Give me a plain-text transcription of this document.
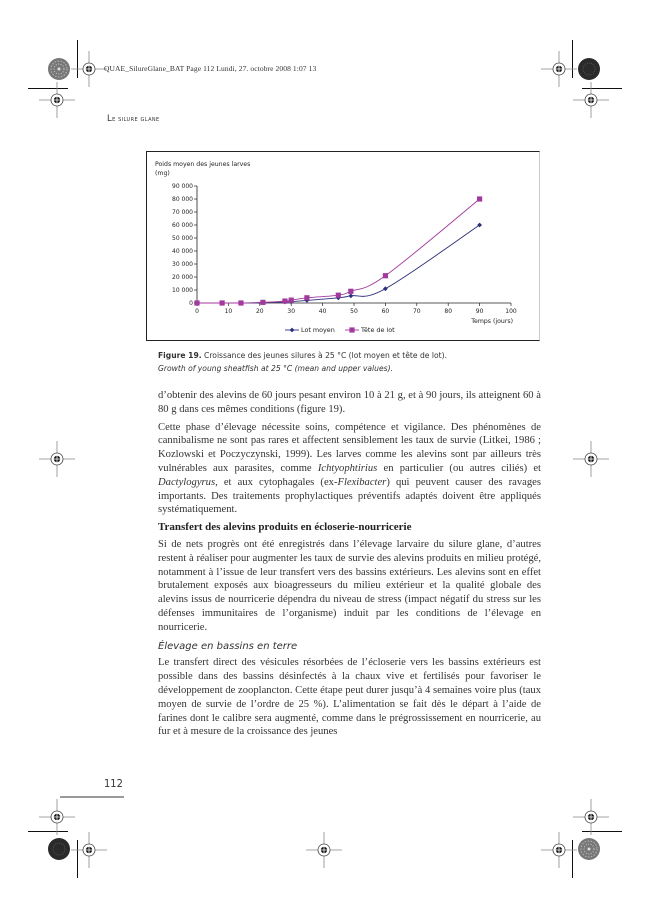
QUAE_SilureGlane_BAT Page 112 Lundi, 27. octobre 2008 1:07 13
Le silure glane
Poids moyen des jeunes larves
(mg)
0
10 000
20 000
30 000
40 000
50 000
60 000
70 000
80 000
90 000
0	10	20	30	40	50	60	70	80	90	100
Temps (jours)
Lot moyen	Tête de lot
Figure 19. Croissance des jeunes silures à 25 °C (lot moyen et tête de lot).
Growth of young sheatfish at 25 °C (mean and upper values).

d’obtenir des alevins de 60 jours pesant environ 10 à 21 g, et à 90 jours, ils atteignent 60 à 80 g dans ces mêmes conditions (figure 19).

Cette phase d’élevage nécessite soins, compétence et vigilance. Des phénomènes de cannibalisme ne sont pas rares et affectent sensiblement les taux de survie (Litkei, 1986 ; Kozlowski et Poczyczynski, 1999). Les larves comme les alevins sont par ailleurs très vulnérables aux parasites, comme Ichtyophtirius en particulier (ou autres ciliés) et Dactylogyrus, et aux cytophagales (ex-Flexibacter) qui peuvent causer des ravages importants. Des traitements prophylactiques préventifs adaptés doivent être appliqués systématiquement.

Transfert des alevins produits en écloserie-nourricerie

Si de nets progrès ont été enregistrés dans l’élevage larvaire du silure glane, d’autres restent à réaliser pour augmenter les taux de survie des alevins produits en milieu protégé, notamment à l’issue de leur transfert vers des bassins extérieurs. Les alevins sont en effet brutalement exposés aux bioagresseurs du milieu extérieur et la qualité globale des alevins issus de nourricerie dépendra du niveau de stress (impact négatif du stress sur les défenses immunitaires de l’organisme) induit par les conditions de l’élevage en nourricerie.

Élevage en bassins en terre

Le transfert direct des vésicules résorbées de l’écloserie vers les bassins extérieurs est possible dans des bassins désinfectés à la chaux vive et fertilisés pour favoriser le développement de zooplancton. Cette étape peut durer jusqu’à 4 semaines voire plus (taux moyen de survie de l’ordre de 25 %). L’alimentation se fait dès le départ à l’aide de farines dont le calibre sera augmenté, comme dans le prégrossissement en nourricerie, au fur et à mesure de la croissance des jeunes

112
